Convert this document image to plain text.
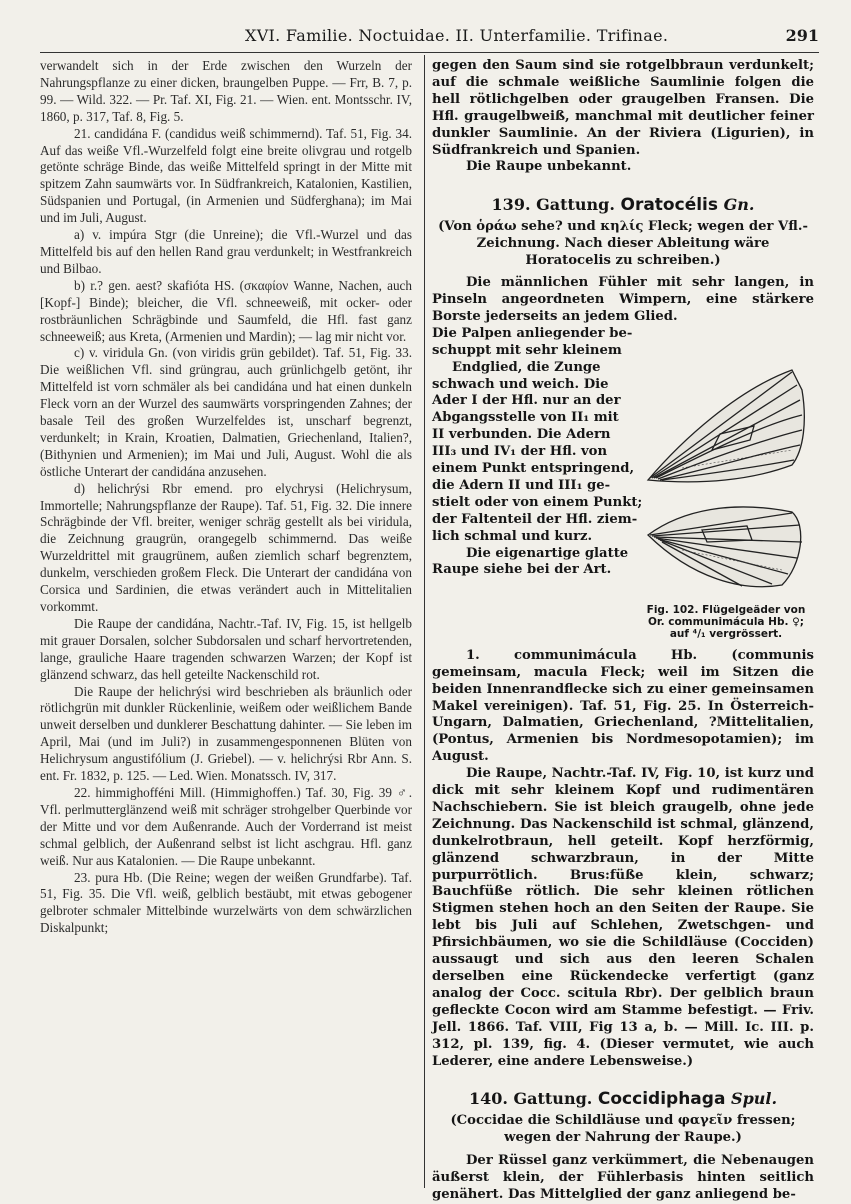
XVI. Familie. Noctuidae. II. Unterfamilie. Trifinae.	291

verwandelt sich in der Erde zwischen den Wurzeln der Nahrungspflanze zu einer dicken, braungelben Puppe. — Frr, B. 7, p. 99. — Wild. 322. — Pr. Taf. XI, Fig. 21. — Wien. ent. Montsschr. IV, 1860, p. 317, Taf. 8, Fig. 5.

21. candidána F. (candidus weiß schimmernd). Taf. 51, Fig. 34. Auf das weiße Vfl.-Wurzelfeld folgt eine breite olivgrau und rotgelb getönte schräge Binde, das weiße Mittelfeld springt in der Mitte mit spitzem Zahn saumwärts vor. In Südfrankreich, Katalonien, Kastilien, Südspanien und Portugal, (in Armenien und Südferghana); im Mai und im Juli, August.

a) v. impúra Stgr (die Unreine); die Vfl.-Wurzel und das Mittelfeld bis auf den hellen Rand grau verdunkelt; in Westfrankreich und Bilbao.

b) r.? gen. aest? skafióta HS. (σκαφίον Wanne, Nachen, auch [Kopf-] Binde); bleicher, die Vfl. schneeweiß, mit ocker- oder rostbräunlichen Schrägbinde und Saumfeld, die Hfl. fast ganz schneeweiß; aus Kreta, (Armenien und Mardin); — lag mir nicht vor.

c) v. viridula Gn. (von viridis grün gebildet). Taf. 51, Fig. 33. Die weißlichen Vfl. sind grüngrau, auch grünlichgelb getönt, ihr Mittelfeld ist vorn schmäler als bei candidána und hat einen dunkeln Fleck vorn an der Wurzel des saumwärts vorspringenden Zahnes; der basale Teil des großen Wurzelfeldes ist, unscharf begrenzt, verdunkelt; in Krain, Kroatien, Dalmatien, Griechenland, Italien?, (Bithynien und Armenien); im Mai und Juli, August. Wohl die als östliche Unterart der candidána anzusehen.

d) helichrýsi Rbr emend. pro elychrysi (Helichrysum, Immortelle; Nahrungspflanze der Raupe). Taf. 51, Fig. 32. Die innere Schrägbinde der Vfl. breiter, weniger schräg gestellt als bei viridula, die Zeichnung graugrün, orangegelb schimmernd. Das weiße Wurzeldrittel mit graugrünem, außen ziemlich scharf begrenztem, dunkelm, verschieden großem Fleck. Die Unterart der candidána von Corsica und Sardinien, die etwas verändert auch in Mittelitalien vorkommt.

Die Raupe der candidána, Nachtr.-Taf. IV, Fig. 15, ist hellgelb mit grauer Dorsalen, solcher Subdorsalen und scharf hervortretenden, lange, grauliche Haare tragenden schwarzen Warzen; der Kopf ist glänzend schwarz, das hell geteilte Nackenschild rot.

Die Raupe der helichrýsi wird beschrieben als bräunlich oder rötlichgrün mit dunkler Rückenlinie, weißem oder weißlichem Bande unweit derselben und dunklerer Beschattung dahinter. — Sie leben im April, Mai (und im Juli?) in zusammengesponnenen Blüten von Helichrysum angustifólium (J. Griebel). — v. helichrýsi Rbr Ann. S. ent. Fr. 1832, p. 125. — Led. Wien. Monatssch. IV, 317.

22. himmighofféni Mill. (Himmighoffen.) Taf. 30, Fig. 39 ♂. Vfl. perlmutterglänzend weiß mit schräger strohgelber Querbinde vor der Mitte und vor dem Außenrande. Auch der Vorderrand ist meist schmal gelblich, der Außenrand selbst ist licht aschgrau. Hfl. ganz weiß. Nur aus Katalonien. — Die Raupe unbekannt.

23. pura Hb. (Die Reine; wegen der weißen Grundfarbe). Taf. 51, Fig. 35. Die Vfl. weiß, gelblich bestäubt, mit etwas gebogener gelbroter schmaler Mittelbinde wurzelwärts von dem schwärzlichen Diskalpunkt;

gegen den Saum sind sie rotgelbbraun verdunkelt; auf die schmale weißliche Saumlinie folgen die hell rötlichgelben oder graugelben Fransen. Die Hfl. graugelbweiß, manchmal mit deutlicher feiner dunkler Saumlinie. An der Riviera (Ligurien), in Südfrankreich und Spanien.

Die Raupe unbekannt.

139. Gattung. Oratocélis Gn.

(Von ὁράω sehe? und κηλίς Fleck; wegen der Vfl.-Zeichnung. Nach dieser Ableitung wäre Horatocelis zu schreiben.)

Die männlichen Fühler mit sehr langen, in Pinseln angeordneten Wimpern, eine stärkere Borste jederseits an jedem Glied.

Die Palpen anliegender be-
schuppt mit sehr kleinem
Endglied, die Zunge
schwach und weich. Die
Ader I der Hfl. nur an der
Abgangsstelle von II₁ mit
II verbunden. Die Adern
III₃ und IV₁ der Hfl. von
einem Punkt entspringend,
die Adern II und III₁ ge-
stielt oder von einem Punkt;
der Faltenteil der Hfl. ziem-
lich schmal und kurz.
Die eigenartige glatte
Raupe siehe bei der Art.
Fig. 102. Flügelgeäder von Or. communimácula Hb. ♀; auf ⁴/₁ vergrössert.

1. communimácula Hb. (communis gemeinsam, macula Fleck; weil im Sitzen die beiden Innenrandflecke sich zu einer gemeinsamen Makel vereinigen). Taf. 51, Fig. 25. In Österreich-Ungarn, Dalmatien, Griechenland, ?Mittelitalien, (Pontus, Armenien bis Nordmesopotamien); im August.

Die Raupe, Nachtr.-Taf. IV, Fig. 10, ist kurz und dick mit sehr kleinem Kopf und rudimentären Nachschiebern. Sie ist bleich graugelb, ohne jede Zeichnung. Das Nackenschild ist schmal, glänzend, dunkelrotbraun, hell geteilt. Kopf herzförmig, glänzend schwarzbraun, in der Mitte purpurrötlich. Brus:füße klein, schwarz; Bauchfüße rötlich. Die sehr kleinen rötlichen Stigmen stehen hoch an den Seiten der Raupe. Sie lebt bis Juli auf Schlehen, Zwetschgen- und Pfirsichbäumen, wo sie die Schildläuse (Cocciden) aussaugt und sich aus den leeren Schalen derselben eine Rückendecke verfertigt (ganz analog der Cocc. scitula Rbr). Der gelblich braun gefleckte Cocon wird am Stamme befestigt. — Friv. Jell. 1866. Taf. VIII, Fig 13 a, b. — Mill. Ic. III. p. 312, pl. 139, fig. 4. (Dieser vermutet, wie auch Lederer, eine andere Lebensweise.)

140. Gattung. Coccidiphaga Spul.

(Coccidae die Schildläuse und φαγεῖν fressen; wegen der Nahrung der Raupe.)

Der Rüssel ganz verkümmert, die Nebenaugen äußerst klein, der Fühlerbasis hinten seitlich genähert. Das Mittelglied der ganz anliegend be-
